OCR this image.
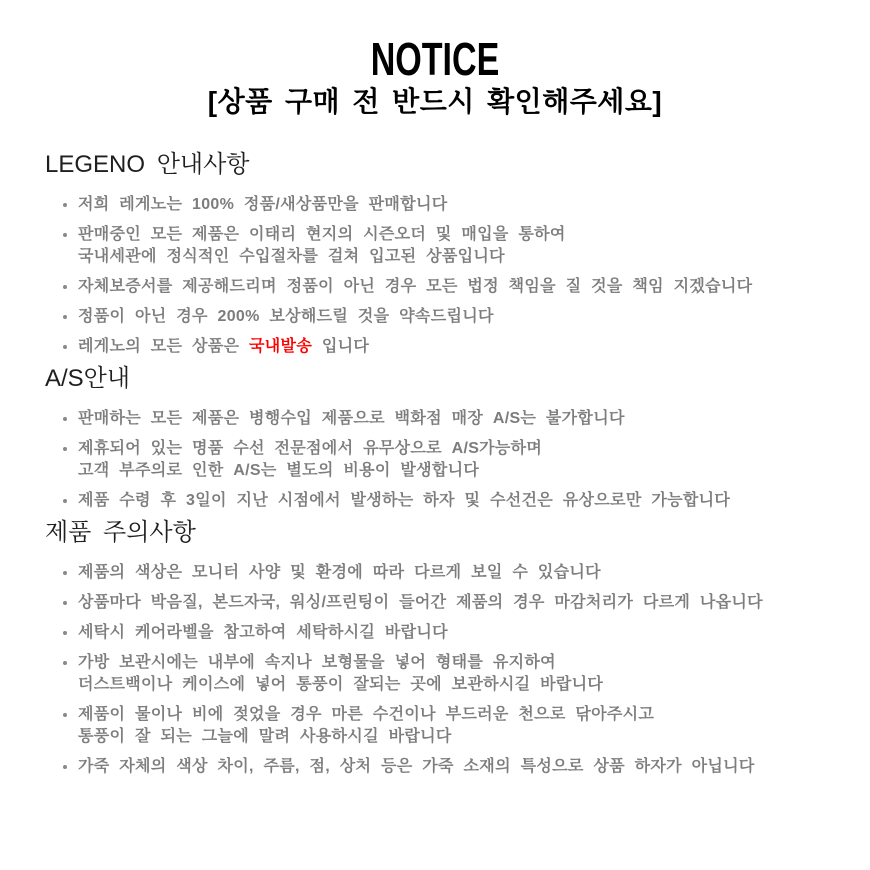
NOTICE
[상품 구매 전 반드시 확인해주세요]
LEGENO 안내사항
저희 레게노는 100% 정품/새상품만을 판매합니다
판매중인 모든 제품은 이태리 현지의 시즌오더 및 매입을 통하여
국내세관에 정식적인 수입절차를 걸쳐 입고된 상품입니다
자체보증서를 제공해드리며 정품이 아닌 경우 모든 법정 책임을 질 것을 책임 지겠습니다
정품이 아닌 경우 200% 보상해드릴 것을 약속드립니다
레게노의 모든 상품은 국내발송 입니다
A/S안내
판매하는 모든 제품은 병행수입 제품으로 백화점 매장 A/S는 불가합니다
제휴되어 있는 명품 수선 전문점에서 유무상으로 A/S가능하며
고객 부주의로 인한 A/S는 별도의 비용이 발생합니다
제품 수령 후 3일이 지난 시점에서 발생하는 하자 및 수선건은 유상으로만 가능합니다
제품 주의사항
제품의 색상은 모니터 사양 및 환경에 따라 다르게 보일 수 있습니다
상품마다 박음질, 본드자국, 워싱/프린팅이 들어간 제품의 경우 마감처리가 다르게 나옵니다
세탁시 케어라벨을 참고하여 세탁하시길 바랍니다
가방 보관시에는 내부에 속지나 보형물을 넣어 형태를 유지하여
더스트백이나 케이스에 넣어 통풍이 잘되는 곳에 보관하시길 바랍니다
제품이 물이나 비에 젖었을 경우 마른 수건이나 부드러운 천으로 닦아주시고
통풍이 잘 되는 그늘에 말려 사용하시길 바랍니다
가죽 자체의 색상 차이, 주름, 점, 상처 등은 가죽 소재의 특성으로 상품 하자가 아닙니다
